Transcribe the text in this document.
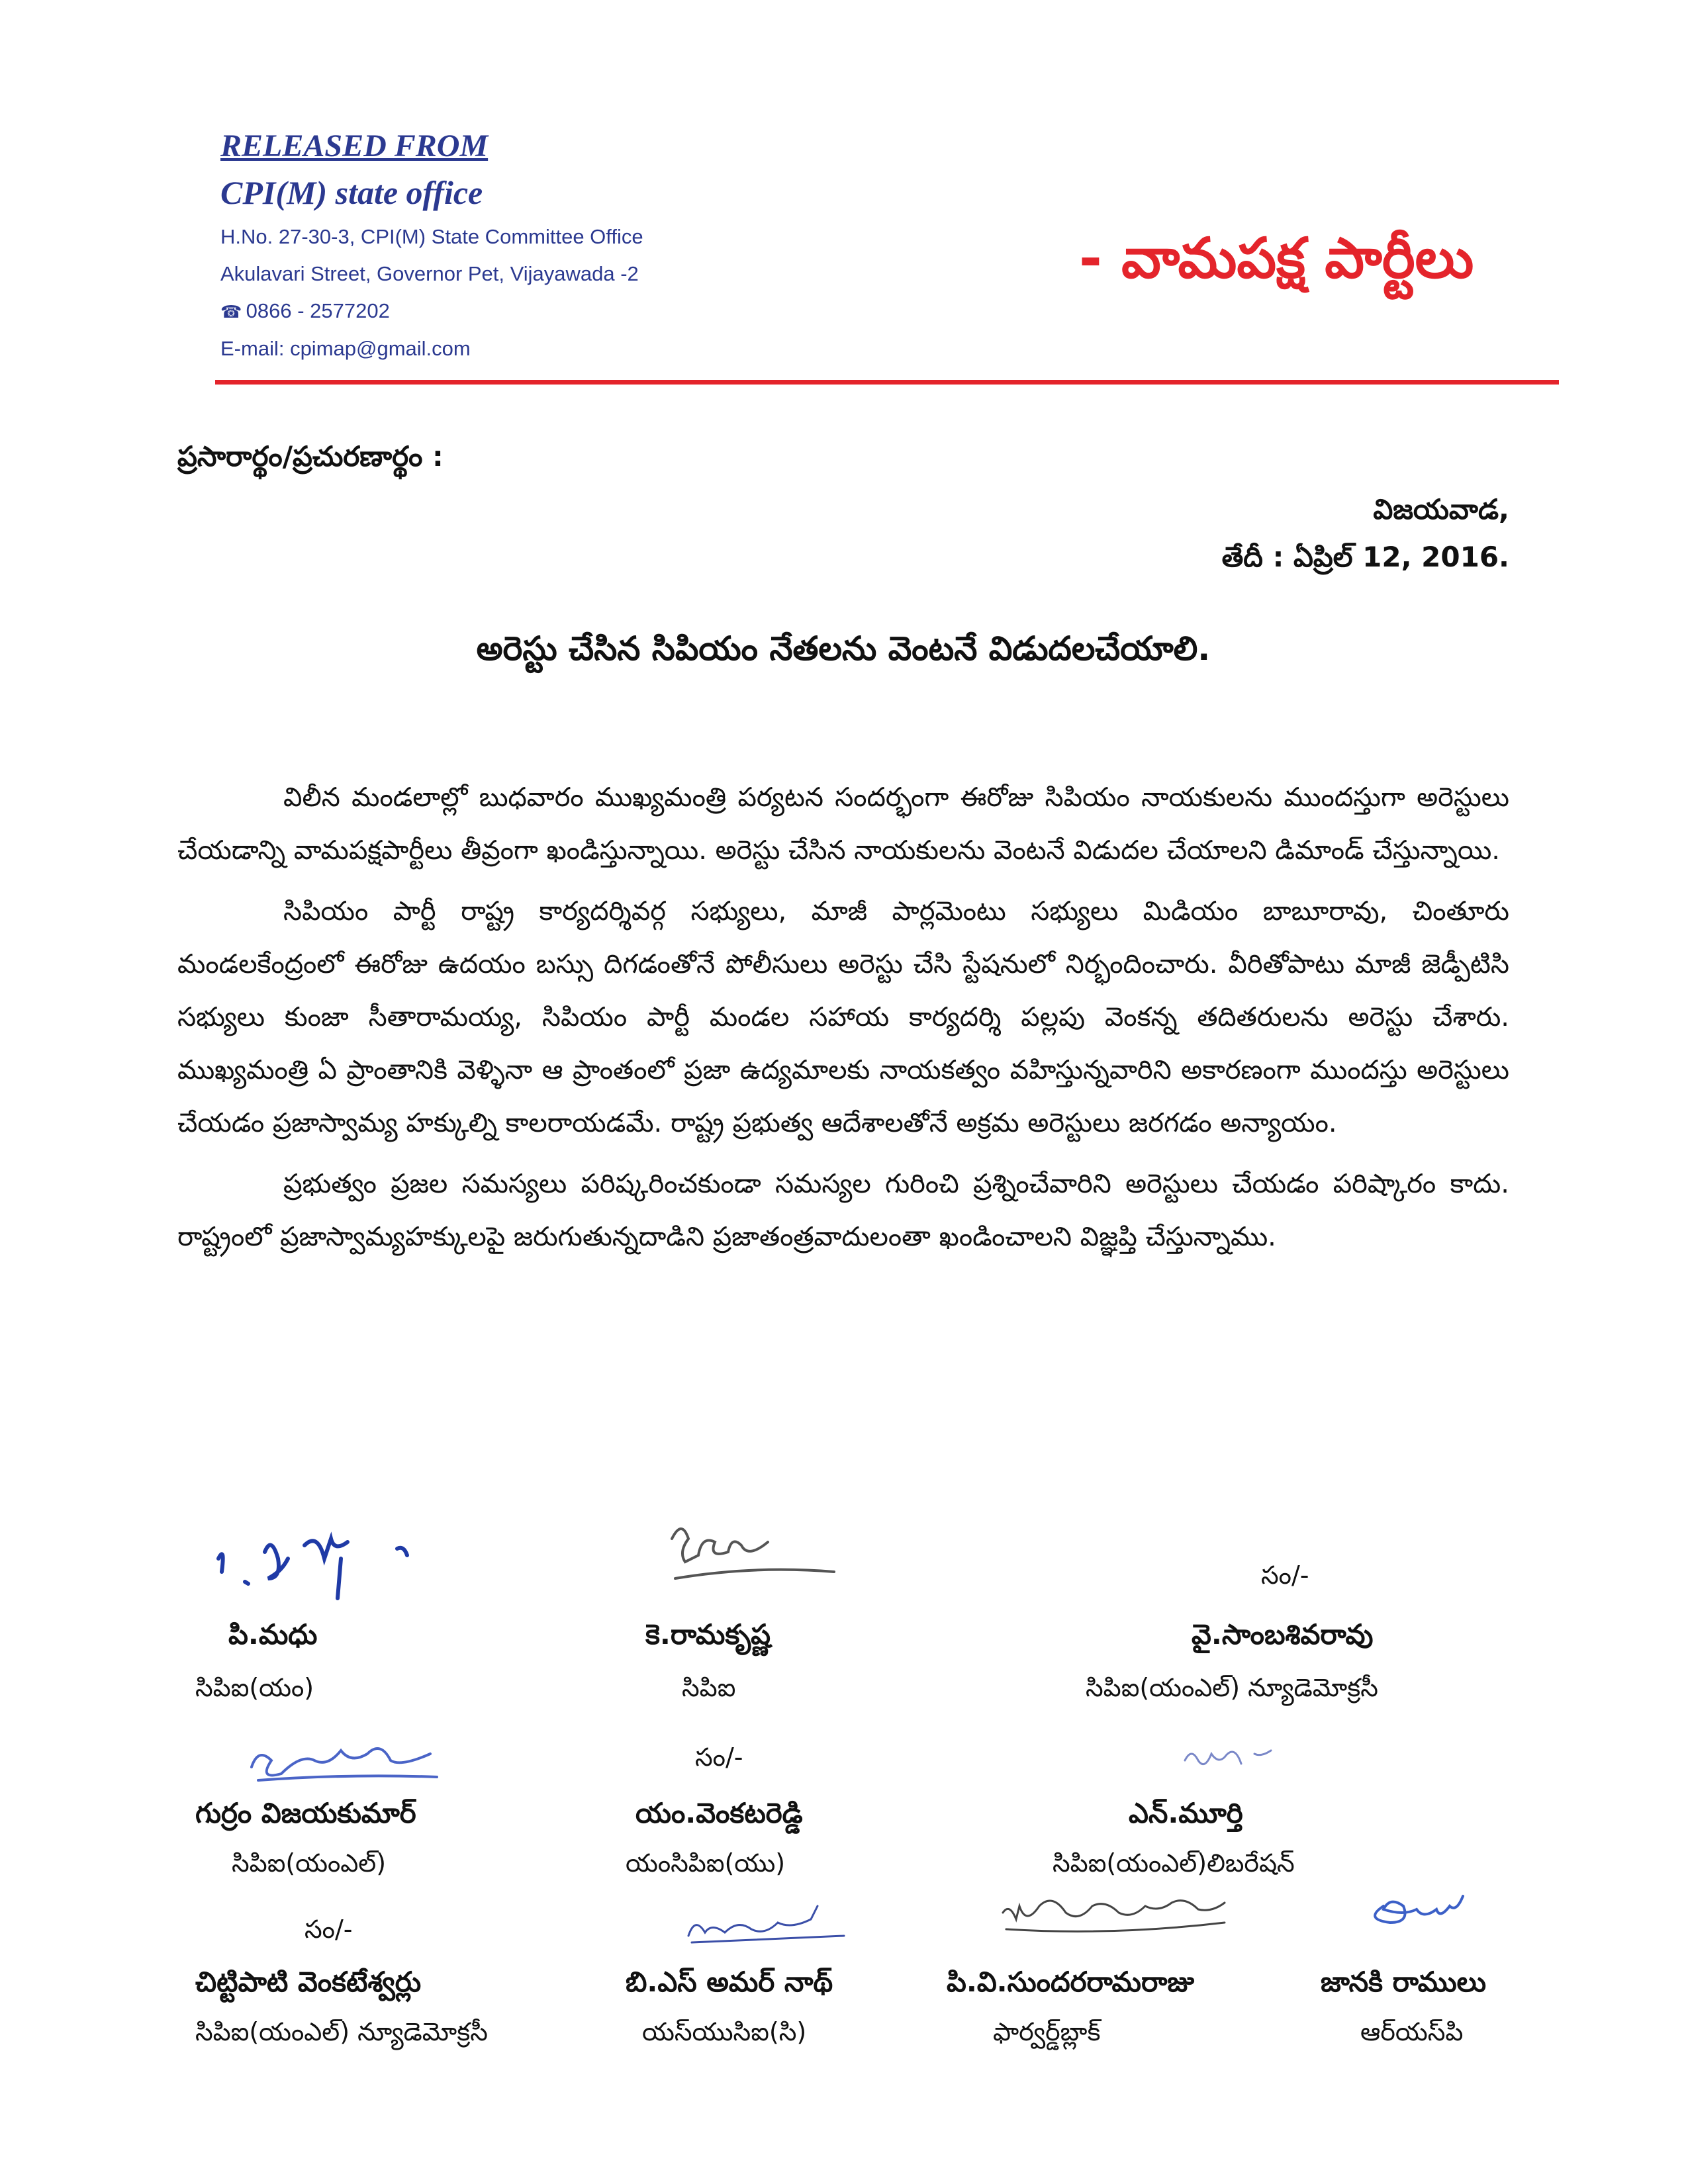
RELEASED FROM
CPI(M) state office
H.No. 27-30-3, CPI(M) State Committee Office
Akulavari Street, Governor Pet, Vijayawada -2
☎ 0866 - 2577202
E-mail: cpimap@gmail.com
- వామపక్ష పార్టీలు
ప్రసారార్థం/ప్రచురణార్థం :
విజయవాడ,
తేదీ : ఏప్రిల్ 12, 2016.
అరెస్టు చేసిన సిపియం నేతలను వెంటనే విడుదలచేయాలి.

విలీన మండలాల్లో బుధవారం ముఖ్యమంత్రి పర్యటన సందర్భంగా ఈరోజు సిపియం నాయకులను ముందస్తుగా అరెస్టులు చేయడాన్ని వామపక్షపార్టీలు తీవ్రంగా ఖండిస్తున్నాయి. అరెస్టు చేసిన నాయకులను వెంటనే విడుదల చేయాలని డిమాండ్ చేస్తున్నాయి.

సిపియం పార్టీ రాష్ట్ర కార్యదర్శివర్గ సభ్యులు, మాజీ పార్లమెంటు సభ్యులు మిడియం బాబూరావు, చింతూరు మండలకేంద్రంలో ఈరోజు ఉదయం బస్సు దిగడంతోనే పోలీసులు అరెస్టు చేసి స్టేషనులో నిర్భందించారు. వీరితోపాటు మాజీ జెడ్పీటిసి సభ్యులు కుంజా సీతారామయ్య, సిపియం పార్టీ మండల సహాయ కార్యదర్శి పల్లపు వెంకన్న తదితరులను అరెస్టు చేశారు. ముఖ్యమంత్రి ఏ ప్రాంతానికి వెళ్ళినా ఆ ప్రాంతంలో ప్రజా ఉద్యమాలకు నాయకత్వం వహిస్తున్నవారిని అకారణంగా ముందస్తు అరెస్టులు చేయడం ప్రజాస్వామ్య హక్కుల్ని కాలరాయడమే. రాష్ట్ర ప్రభుత్వ ఆదేశాలతోనే అక్రమ అరెస్టులు జరగడం అన్యాయం.

ప్రభుత్వం ప్రజల సమస్యలు పరిష్కరించకుండా సమస్యల గురించి ప్రశ్నించేవారిని అరెస్టులు చేయడం పరిష్కారం కాదు. రాష్ట్రంలో ప్రజాస్వామ్యహక్కులపై జరుగుతున్నదాడిని ప్రజాతంత్రవాదులంతా ఖండించాలని విజ్ఞప్తి చేస్తున్నాము.

పి.మధు
సిపిఐ(యం)
కె.రామకృష్ణ
సిపిఐ
సం/-
వై.సాంబశివరావు
సిపిఐ(యంఎల్) న్యూడెమోక్రసీ
గుర్రం విజయకుమార్
సిపిఐ(యంఎల్)
సం/-
యం.వెంకటరెడ్డి
యంసిపిఐ(యు)
ఎన్.మూర్తి
సిపిఐ(యంఎల్)లిబరేషన్
సం/-
చిట్టిపాటి వెంకటేశ్వర్లు
సిపిఐ(యంఎల్) న్యూడెమోక్రసీ
బి.ఎస్ అమర్ నాథ్
యస్‌యుసిఐ(సి)
పి.వి.సుందరరామరాజు
ఫార్వర్డ్‌బ్లాక్
జానకి రాములు
ఆర్‌యస్‌పి
